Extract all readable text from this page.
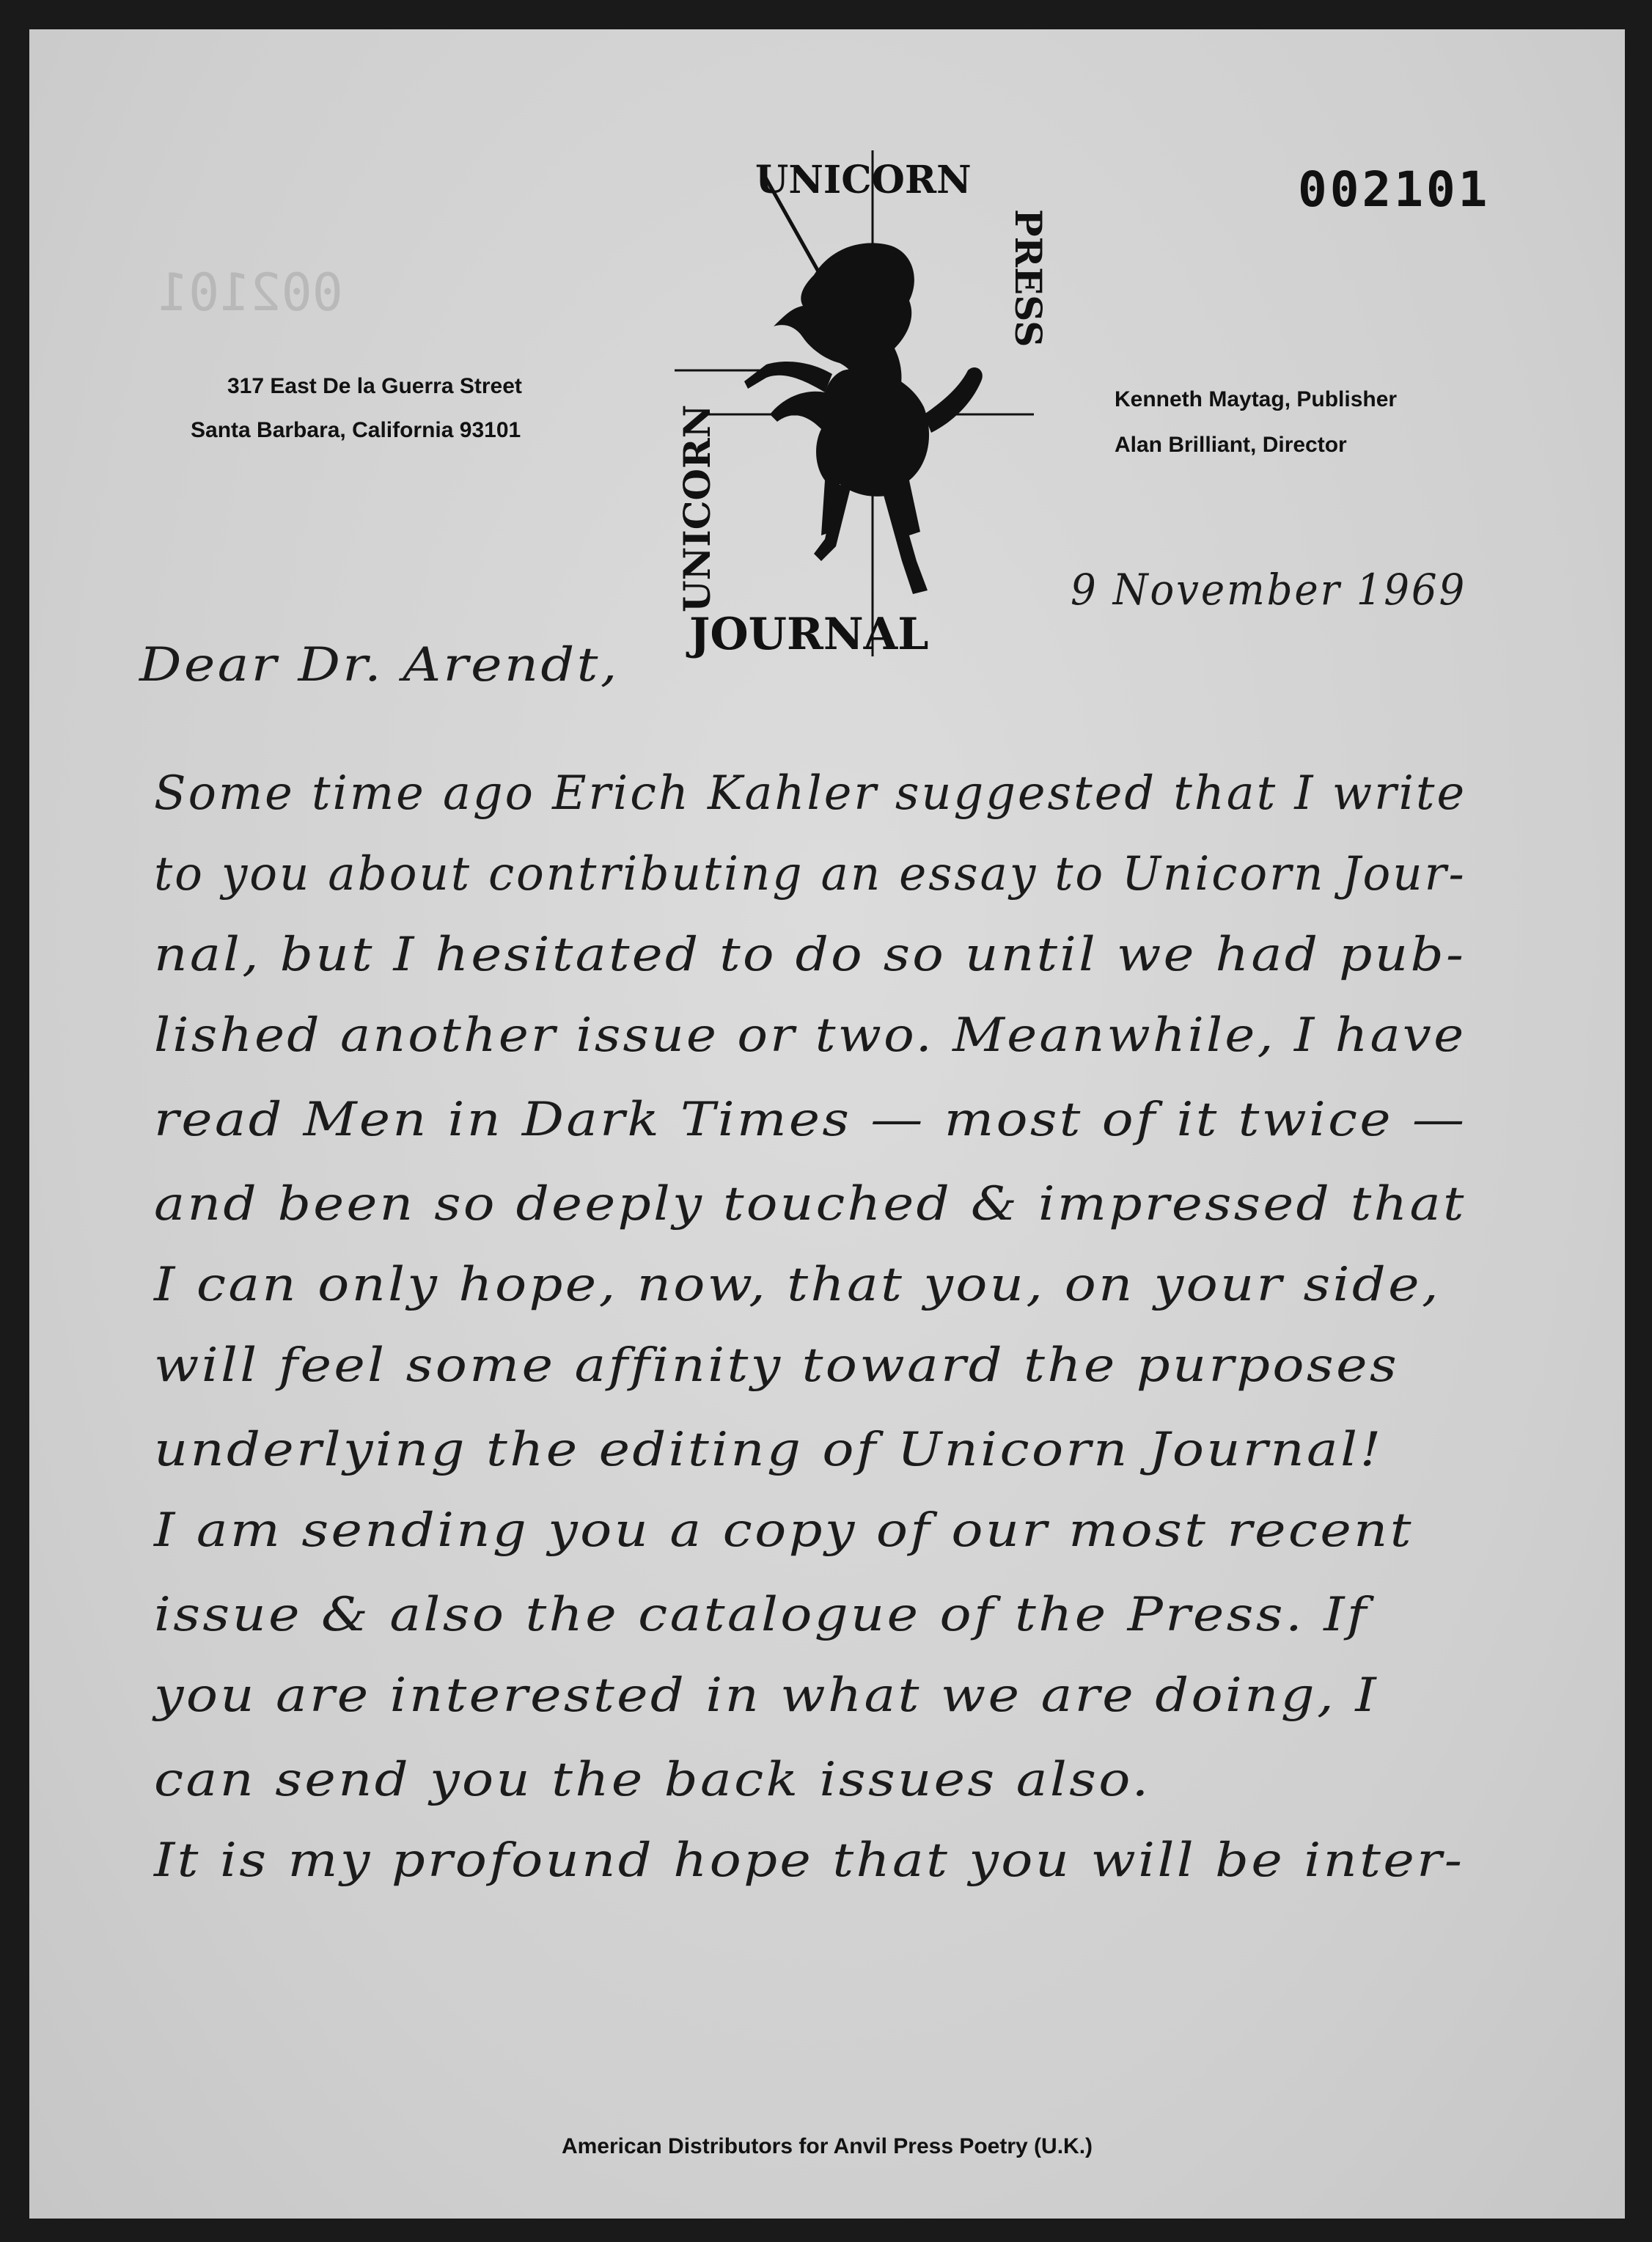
002101
002101
317 East De la Guerra Street
Santa Barbara, California 93101
Kenneth Maytag, Publisher
Alan Brilliant, Director
UNICORN
PRESS
UNICORN
JOURNAL
9 November 1969
Dear Dr. Arendt,
Some time ago Erich Kahler suggested that I write
to you about contributing an essay to Unicorn Jour-
nal, but I hesitated to do so until we had pub-
lished another issue or two. Meanwhile, I have
read Men in Dark Times — most of it twice —
and been so deeply touched & impressed that
I can only hope, now, that you, on your side,
will feel some affinity toward the purposes
underlying the editing of Unicorn Journal!
I am sending you a copy of our most recent
issue & also the catalogue of the Press. If
you are interested in what we are doing, I
can send you the back issues also.
It is my profound hope that you will be inter-
American Distributors for Anvil Press Poetry (U.K.)
